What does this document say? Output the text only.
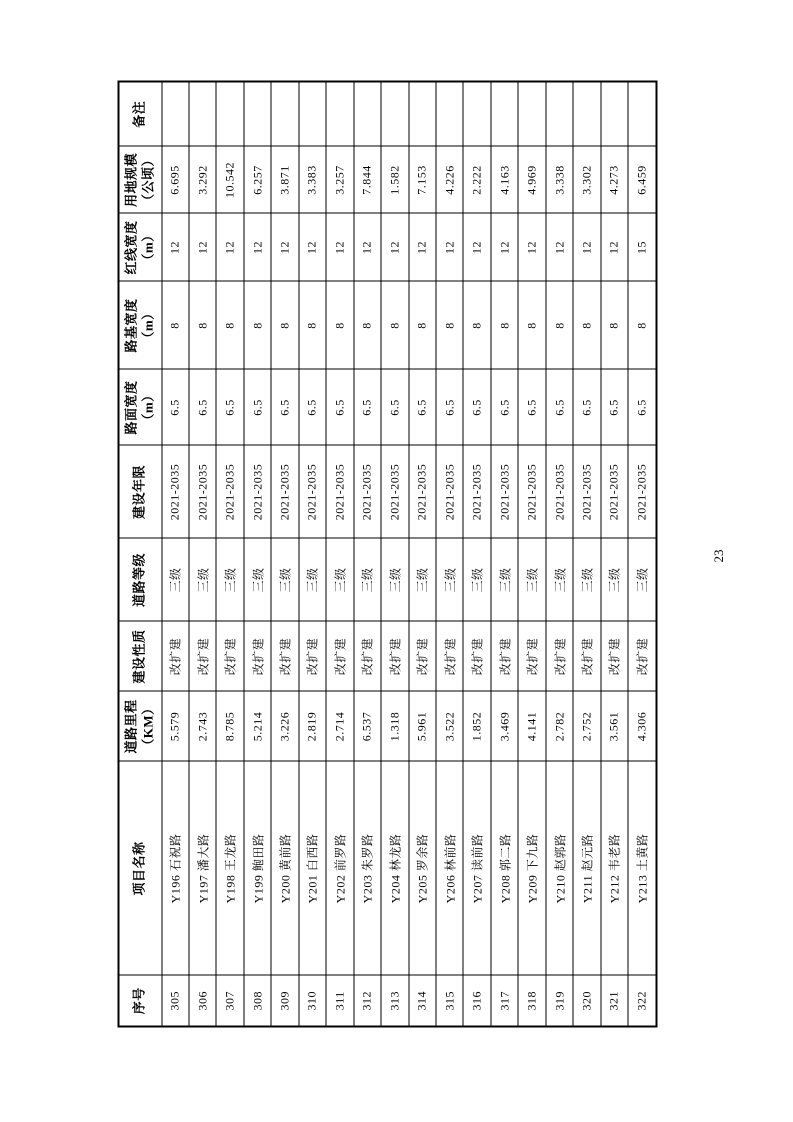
序号	项目名称	道路里程 （KM）	建设性质	道路等级	建设年限	路面宽度 （m）	路基宽度 （m）	红线宽度 （m）	用地规模 （公顷）	备注
305	Y196 石祝路	5.579	改扩建	三级	2021-2035	6.5	8	12	6.695	
306	Y197 潘大路	2.743	改扩建	三级	2021-2035	6.5	8	12	3.292	
307	Y198 王龙路	8.785	改扩建	三级	2021-2035	6.5	8	12	10.542	
308	Y199 鲍田路	5.214	改扩建	三级	2021-2035	6.5	8	12	6.257	
309	Y200 黄前路	3.226	改扩建	三级	2021-2035	6.5	8	12	3.871	
310	Y201 白西路	2.819	改扩建	三级	2021-2035	6.5	8	12	3.383	
311	Y202 前罗路	2.714	改扩建	三级	2021-2035	6.5	8	12	3.257	
312	Y203 朱罗路	6.537	改扩建	三级	2021-2035	6.5	8	12	7.844	
313	Y204 林龙路	1.318	改扩建	三级	2021-2035	6.5	8	12	1.582	
314	Y205 罗余路	5.961	改扩建	三级	2021-2035	6.5	8	12	7.153	
315	Y206 林前路	3.522	改扩建	三级	2021-2035	6.5	8	12	4.226	
316	Y207 读前路	1.852	改扩建	三级	2021-2035	6.5	8	12	2.222	
317	Y208 郭二路	3.469	改扩建	三级	2021-2035	6.5	8	12	4.163	
318	Y209 下九路	4.141	改扩建	三级	2021-2035	6.5	8	12	4.969	
319	Y210 赵郭路	2.782	改扩建	三级	2021-2035	6.5	8	12	3.338	
320	Y211 赵元路	2.752	改扩建	三级	2021-2035	6.5	8	12	3.302	
321	Y212 韦老路	3.561	改扩建	三级	2021-2035	6.5	8	12	4.273	
322	Y213 土黄路	4.306	改扩建	三级	2021-2035	6.5	8	15	6.459	
23
